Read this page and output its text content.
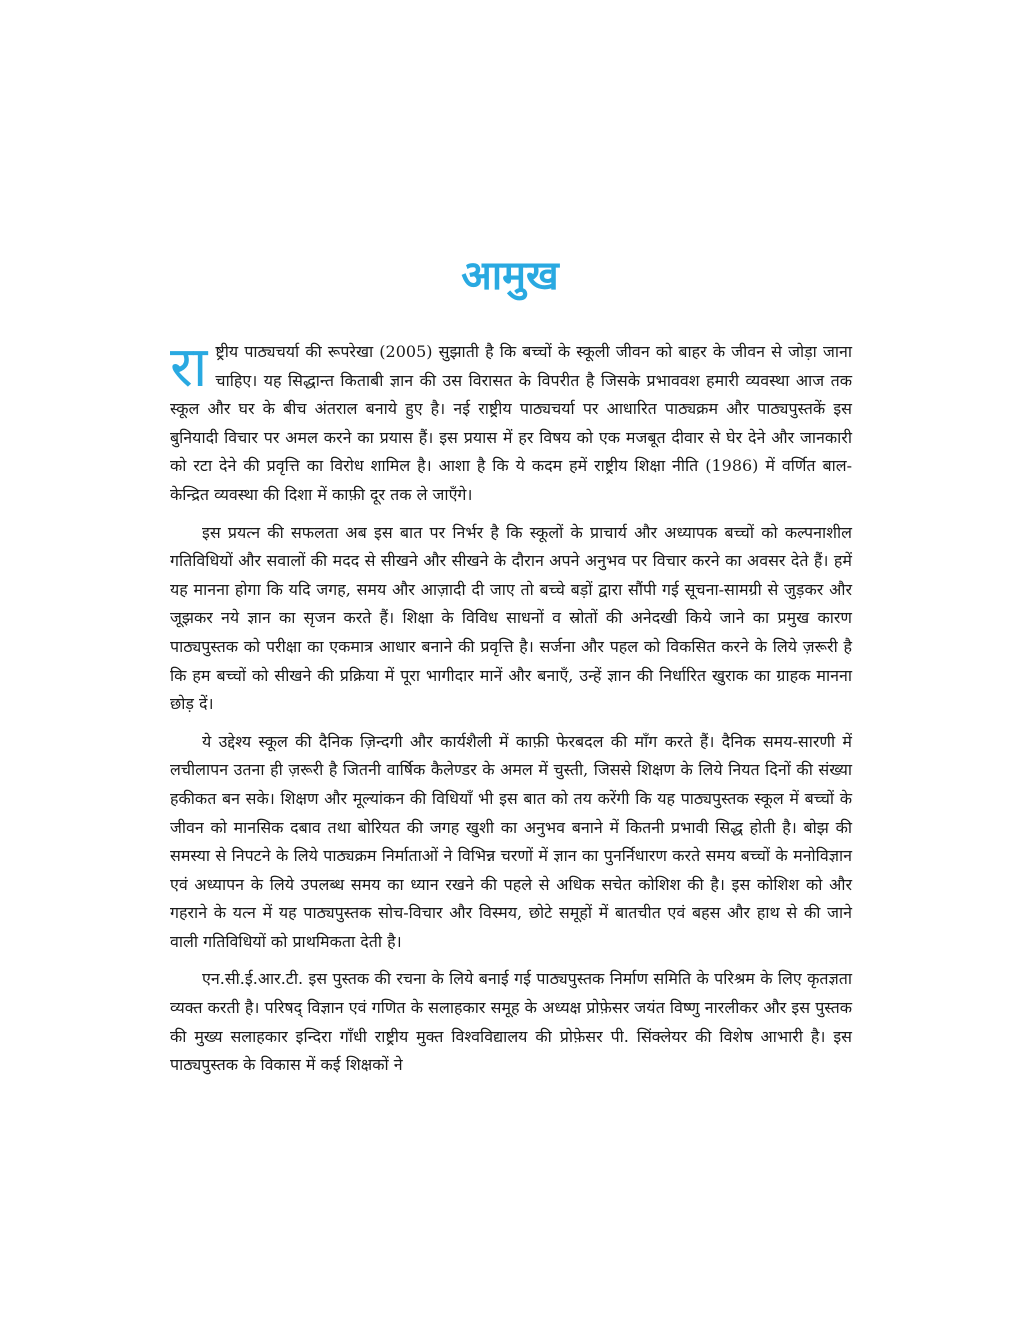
आमुख

राष्ट्रीय पाठ्यचर्या की रूपरेखा (2005) सुझाती है कि बच्चों के स्कूली जीवन को बाहर के जीवन से जोड़ा जाना चाहिए। यह सिद्धान्त किताबी ज्ञान की उस विरासत के विपरीत है जिसके प्रभाववश हमारी व्यवस्था आज तक स्कूल और घर के बीच अंतराल बनाये हुए है। नई राष्ट्रीय पाठ्यचर्या पर आधारित पाठ्यक्रम और पाठ्यपुस्तकें इस बुनियादी विचार पर अमल करने का प्रयास हैं। इस प्रयास में हर विषय को एक मजबूत दीवार से घेर देने और जानकारी को रटा देने की प्रवृत्ति का विरोध शामिल है। आशा है कि ये कदम हमें राष्ट्रीय शिक्षा नीति (1986) में वर्णित बाल-केन्द्रित व्यवस्था की दिशा में काफ़ी दूर तक ले जाएँगे।

इस प्रयत्न की सफलता अब इस बात पर निर्भर है कि स्कूलों के प्राचार्य और अध्यापक बच्चों को कल्पनाशील गतिविधियों और सवालों की मदद से सीखने और सीखने के दौरान अपने अनुभव पर विचार करने का अवसर देते हैं। हमें यह मानना होगा कि यदि जगह, समय और आज़ादी दी जाए तो बच्चे बड़ों द्वारा सौंपी गई सूचना-सामग्री से जुड़कर और जूझकर नये ज्ञान का सृजन करते हैं। शिक्षा के विविध साधनों व स्रोतों की अनेदखी किये जाने का प्रमुख कारण पाठ्यपुस्तक को परीक्षा का एकमात्र आधार बनाने की प्रवृत्ति है। सर्जना और पहल को विकसित करने के लिये ज़रूरी है कि हम बच्चों को सीखने की प्रक्रिया में पूरा भागीदार मानें और बनाएँ, उन्हें ज्ञान की निर्धारित खुराक का ग्राहक मानना छोड़ दें।

ये उद्देश्य स्कूल की दैनिक ज़िन्दगी और कार्यशैली में काफ़ी फेरबदल की माँग करते हैं। दैनिक समय-सारणी में लचीलापन उतना ही ज़रूरी है जितनी वार्षिक कैलेण्डर के अमल में चुस्ती, जिससे शिक्षण के लिये नियत दिनों की संख्या हकीकत बन सके। शिक्षण और मूल्यांकन की विधियाँ भी इस बात को तय करेंगी कि यह पाठ्यपुस्तक स्कूल में बच्चों के जीवन को मानसिक दबाव तथा बोरियत की जगह खुशी का अनुभव बनाने में कितनी प्रभावी सिद्ध होती है। बोझ की समस्या से निपटने के लिये पाठ्यक्रम निर्माताओं ने विभिन्न चरणों में ज्ञान का पुनर्निधारण करते समय बच्चों के मनोविज्ञान एवं अध्यापन के लिये उपलब्ध समय का ध्यान रखने की पहले से अधिक सचेत कोशिश की है। इस कोशिश को और गहराने के यत्न में यह पाठ्यपुस्तक सोच-विचार और विस्मय, छोटे समूहों में बातचीत एवं बहस और हाथ से की जाने वाली गतिविधियों को प्राथमिकता देती है।

एन.सी.ई.आर.टी. इस पुस्तक की रचना के लिये बनाई गई पाठ्यपुस्तक निर्माण समिति के परिश्रम के लिए कृतज्ञता व्यक्त करती है। परिषद् विज्ञान एवं गणित के सलाहकार समूह के अध्यक्ष प्रोफ़ेसर जयंत विष्णु नारलीकर और इस पुस्तक की मुख्य सलाहकार इन्दिरा गाँधी राष्ट्रीय मुक्त विश्वविद्यालय की प्रोफ़ेसर पी. सिंक्लेयर की विशेष आभारी है। इस पाठ्यपुस्तक के विकास में कई शिक्षकों ने
